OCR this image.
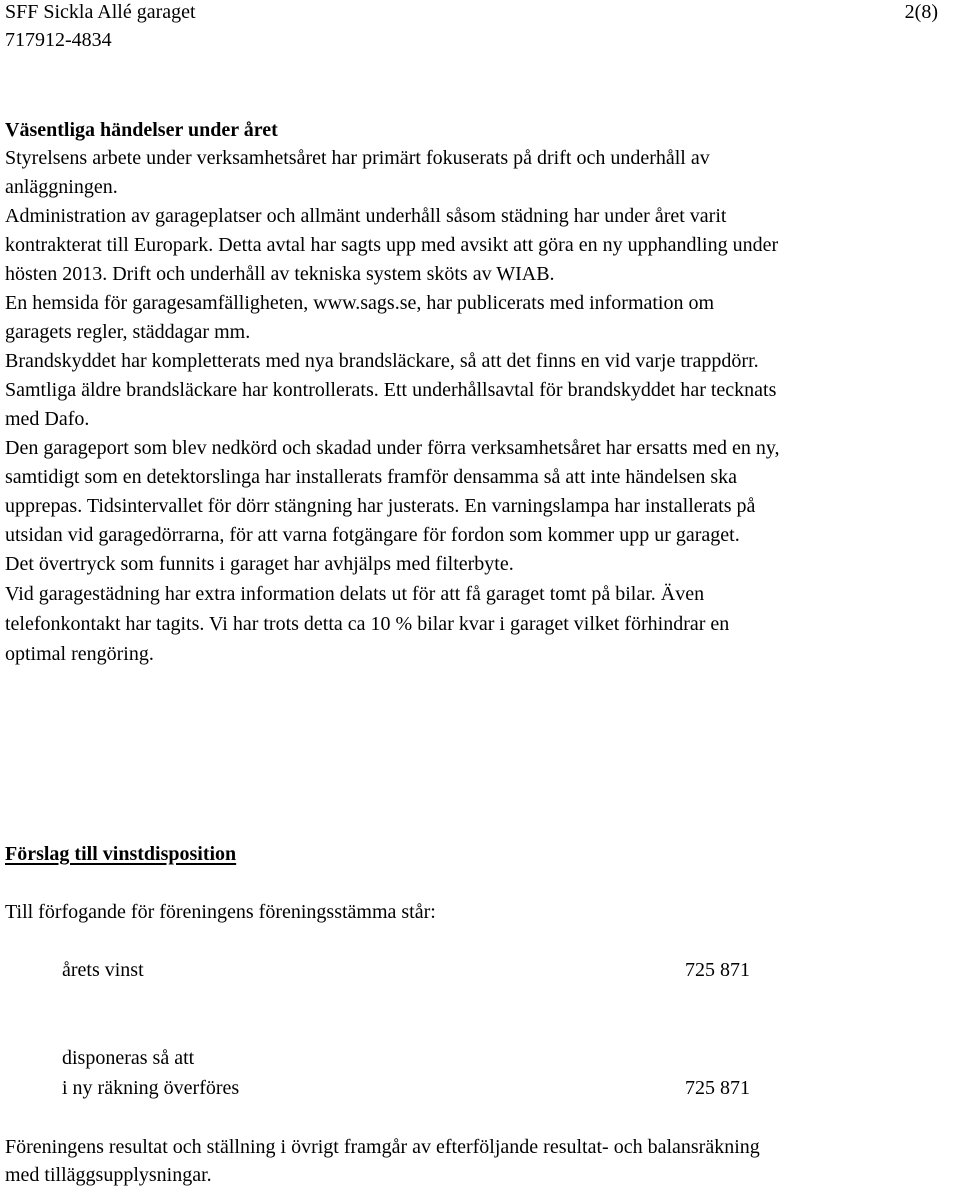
SFF Sickla Allé garaget
717912-4834
2(8)
Väsentliga händelser under året
Styrelsens arbete under verksamhetsåret har primärt fokuserats på drift och underhåll av
anläggningen.
Administration av garageplatser och allmänt underhåll såsom städning har under året varit
kontrakterat till Europark. Detta avtal har sagts upp med avsikt att göra en ny upphandling under
hösten 2013. Drift och underhåll av tekniska system sköts av WIAB.
En hemsida för garagesamfälligheten, www.sags.se, har publicerats med information om
garagets regler, städdagar mm.
Brandskyddet har kompletterats med nya brandsläckare, så att det finns en vid varje trappdörr.
Samtliga äldre brandsläckare har kontrollerats. Ett underhållsavtal för brandskyddet har tecknats
med Dafo.
Den garageport som blev nedkörd och skadad under förra verksamhetsåret har ersatts med en ny,
samtidigt som en detektorslinga har installerats framför densamma så att inte händelsen ska
upprepas. Tidsintervallet för dörr stängning har justerats. En varningslampa har installerats på
utsidan vid garagedörrarna, för att varna fotgängare för fordon som kommer upp ur garaget.
Det övertryck som funnits i garaget har avhjälps med filterbyte.
Vid garagestädning har extra information delats ut för att få garaget tomt på bilar. Även
telefonkontakt har tagits. Vi har trots detta ca 10 % bilar kvar i garaget vilket förhindrar en
optimal rengöring.
Förslag till vinstdisposition
Till förfogande för föreningens föreningsstämma står:
årets vinst	725 871
disponeras så att
i ny räkning överföres	725 871
Föreningens resultat och ställning i övrigt framgår av efterföljande resultat- och balansräkning
med tilläggsupplysningar.
